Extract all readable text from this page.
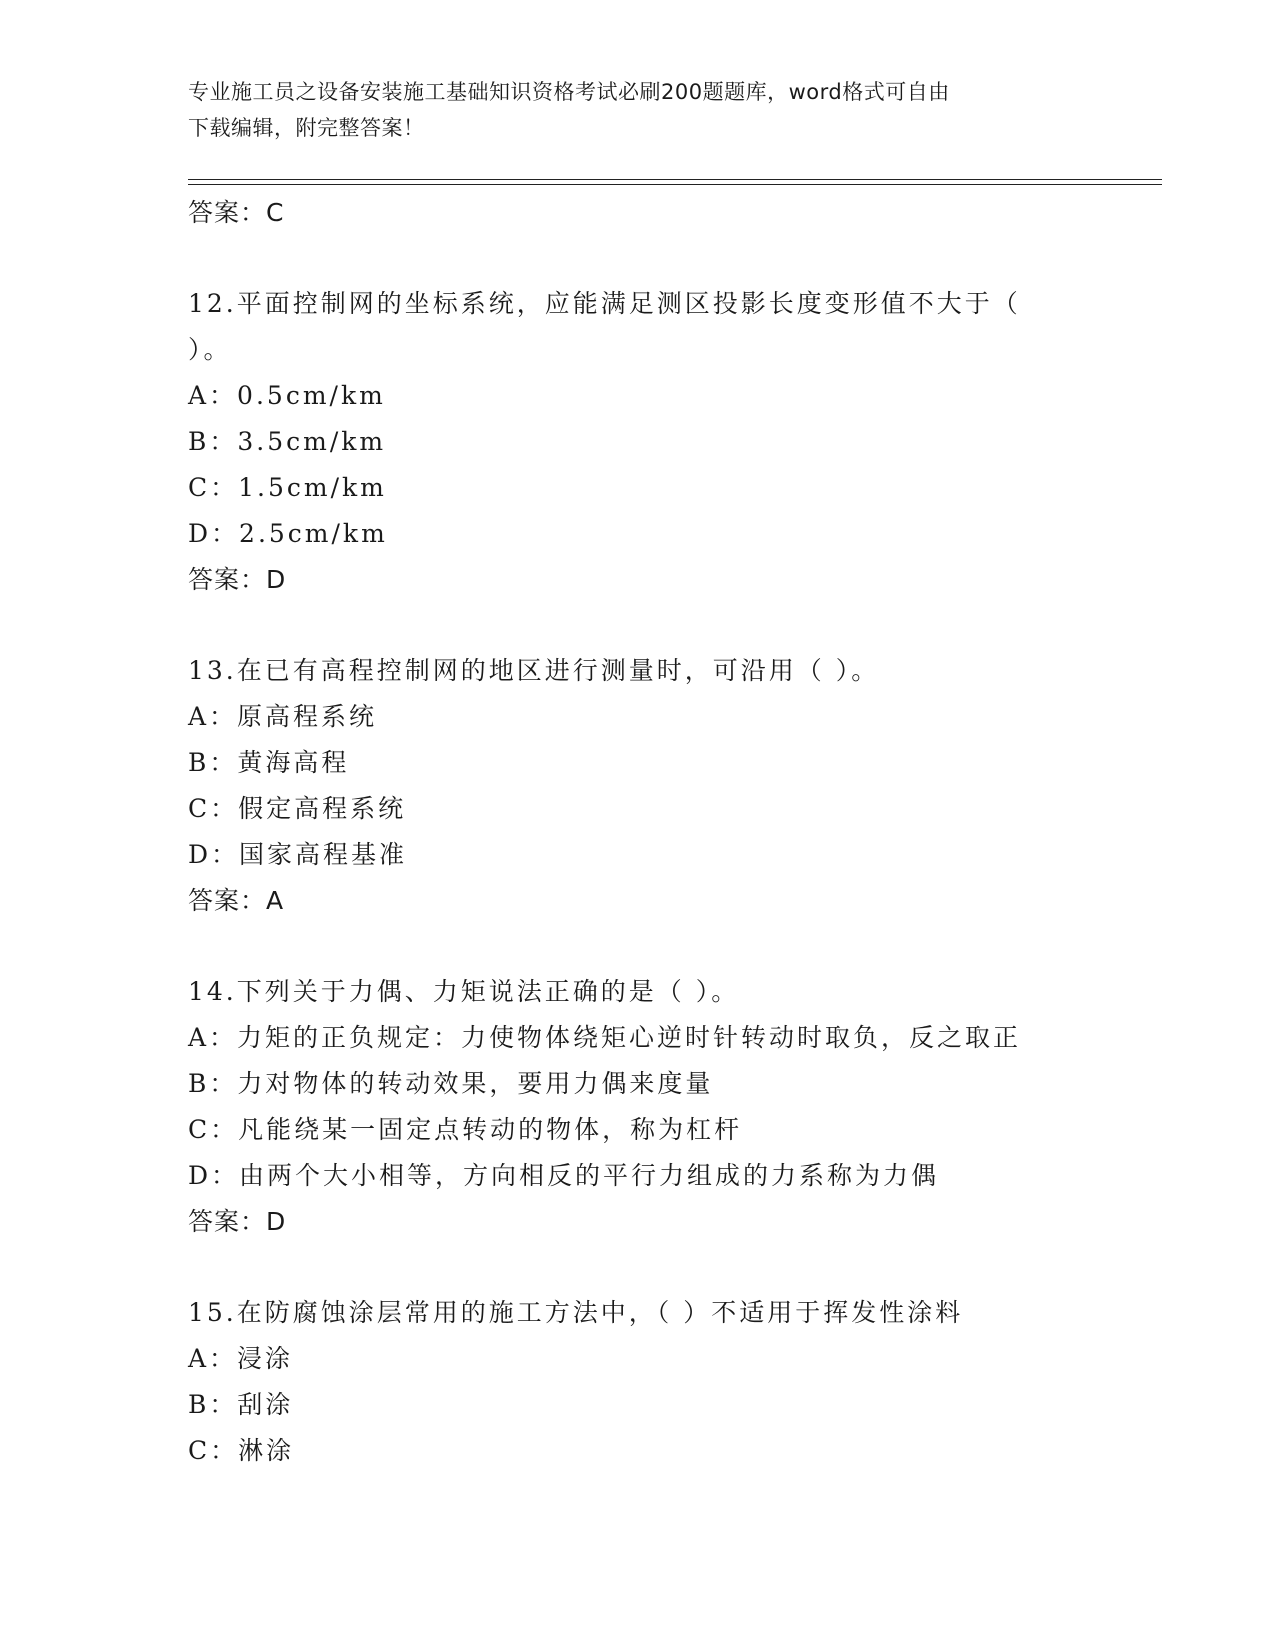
专业施工员之设备安装施工基础知识资格考试必刷200题题库，word格式可自由
下载编辑，附完整答案！
答案：C
12.平面控制网的坐标系统，应能满足测区投影长度变形值不大于（ ）。
A：0.5cm/km
B：3.5cm/km
C：1.5cm/km
D：2.5cm/km
答案：D
13.在已有高程控制网的地区进行测量时，可沿用（ ）。
A：原高程系统
B：黄海高程
C：假定高程系统
D：国家高程基准
答案：A
14.下列关于力偶、力矩说法正确的是（ ）。
A：力矩的正负规定：力使物体绕矩心逆时针转动时取负，反之取正
B：力对物体的转动效果，要用力偶来度量
C：凡能绕某一固定点转动的物体，称为杠杆
D：由两个大小相等，方向相反的平行力组成的力系称为力偶
答案：D
15.在防腐蚀涂层常用的施工方法中，（ ）不适用于挥发性涂料
A：浸涂
B：刮涂
C：淋涂
